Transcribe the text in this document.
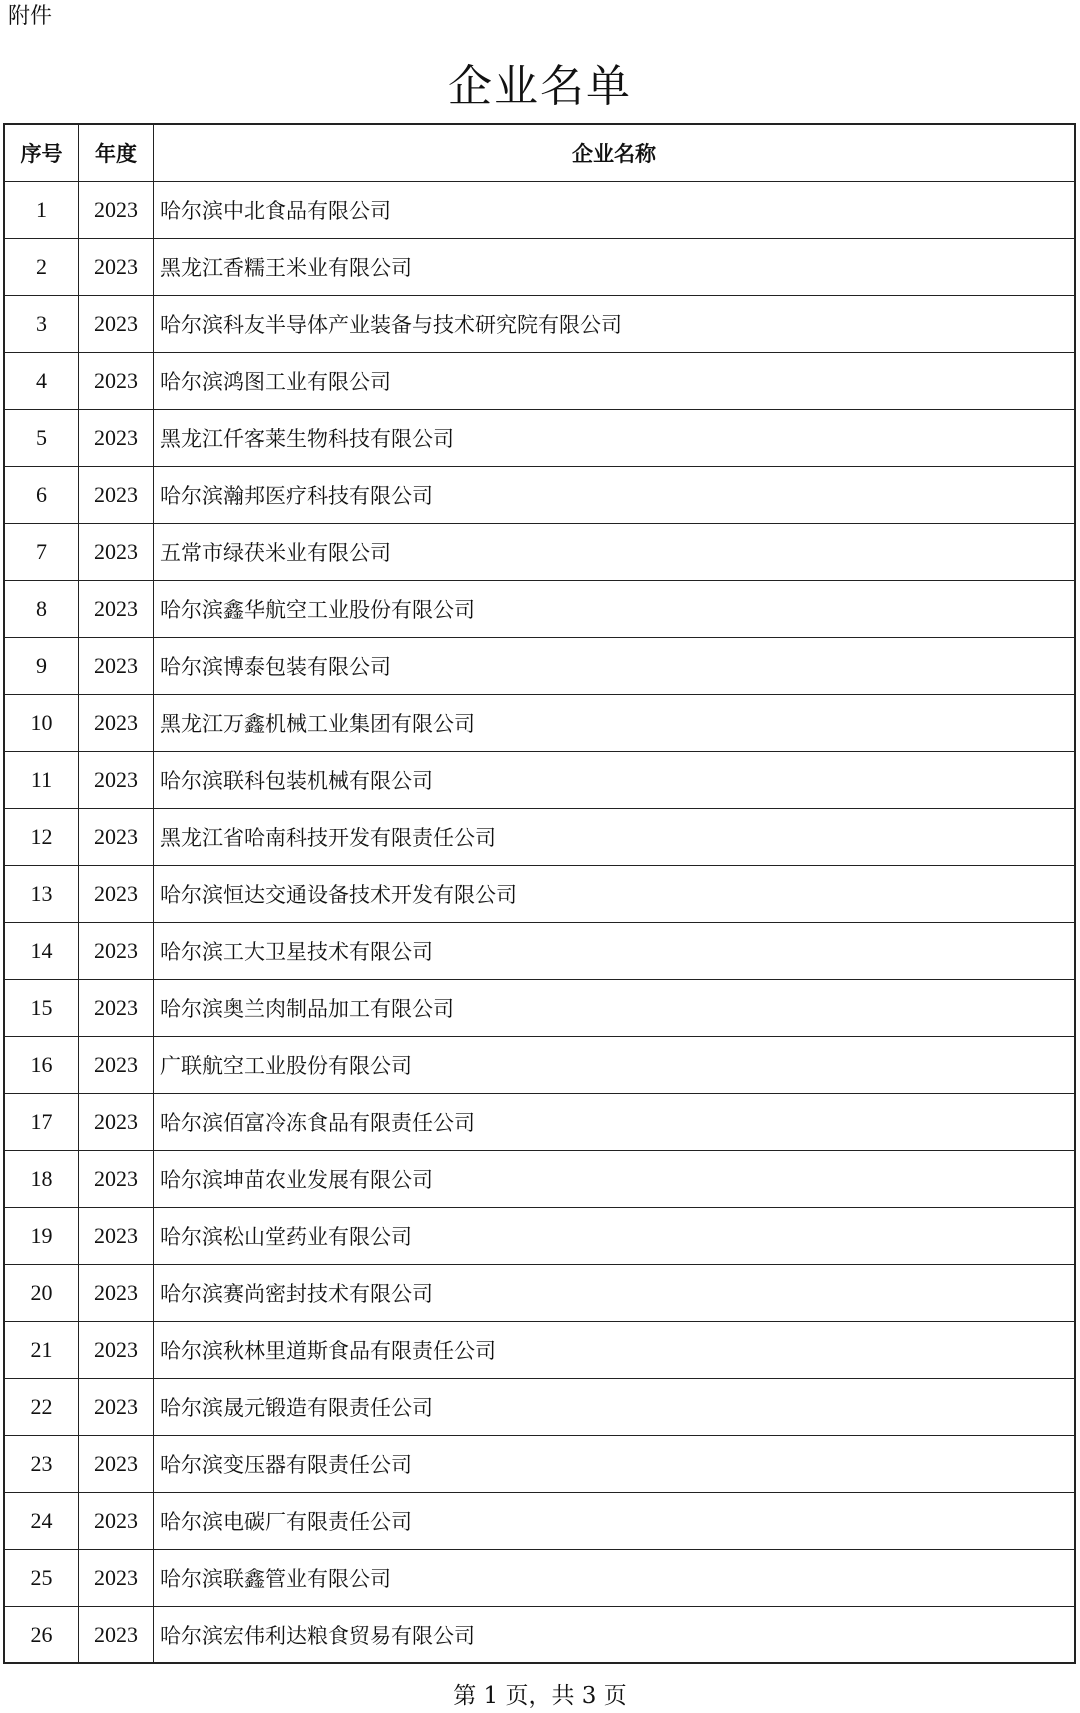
附件
企业名单
序号	年度	企业名称
1	2023	哈尔滨中北食品有限公司
2	2023	黑龙江香糯王米业有限公司
3	2023	哈尔滨科友半导体产业装备与技术研究院有限公司
4	2023	哈尔滨鸿图工业有限公司
5	2023	黑龙江仟客莱生物科技有限公司
6	2023	哈尔滨瀚邦医疗科技有限公司
7	2023	五常市绿茯米业有限公司
8	2023	哈尔滨鑫华航空工业股份有限公司
9	2023	哈尔滨博泰包装有限公司
10	2023	黑龙江万鑫机械工业集团有限公司
11	2023	哈尔滨联科包装机械有限公司
12	2023	黑龙江省哈南科技开发有限责任公司
13	2023	哈尔滨恒达交通设备技术开发有限公司
14	2023	哈尔滨工大卫星技术有限公司
15	2023	哈尔滨奥兰肉制品加工有限公司
16	2023	广联航空工业股份有限公司
17	2023	哈尔滨佰富冷冻食品有限责任公司
18	2023	哈尔滨坤苗农业发展有限公司
19	2023	哈尔滨松山堂药业有限公司
20	2023	哈尔滨赛尚密封技术有限公司
21	2023	哈尔滨秋林里道斯食品有限责任公司
22	2023	哈尔滨晟元锻造有限责任公司
23	2023	哈尔滨变压器有限责任公司
24	2023	哈尔滨电碳厂有限责任公司
25	2023	哈尔滨联鑫管业有限公司
26	2023	哈尔滨宏伟利达粮食贸易有限公司
第 1 页，共 3 页
